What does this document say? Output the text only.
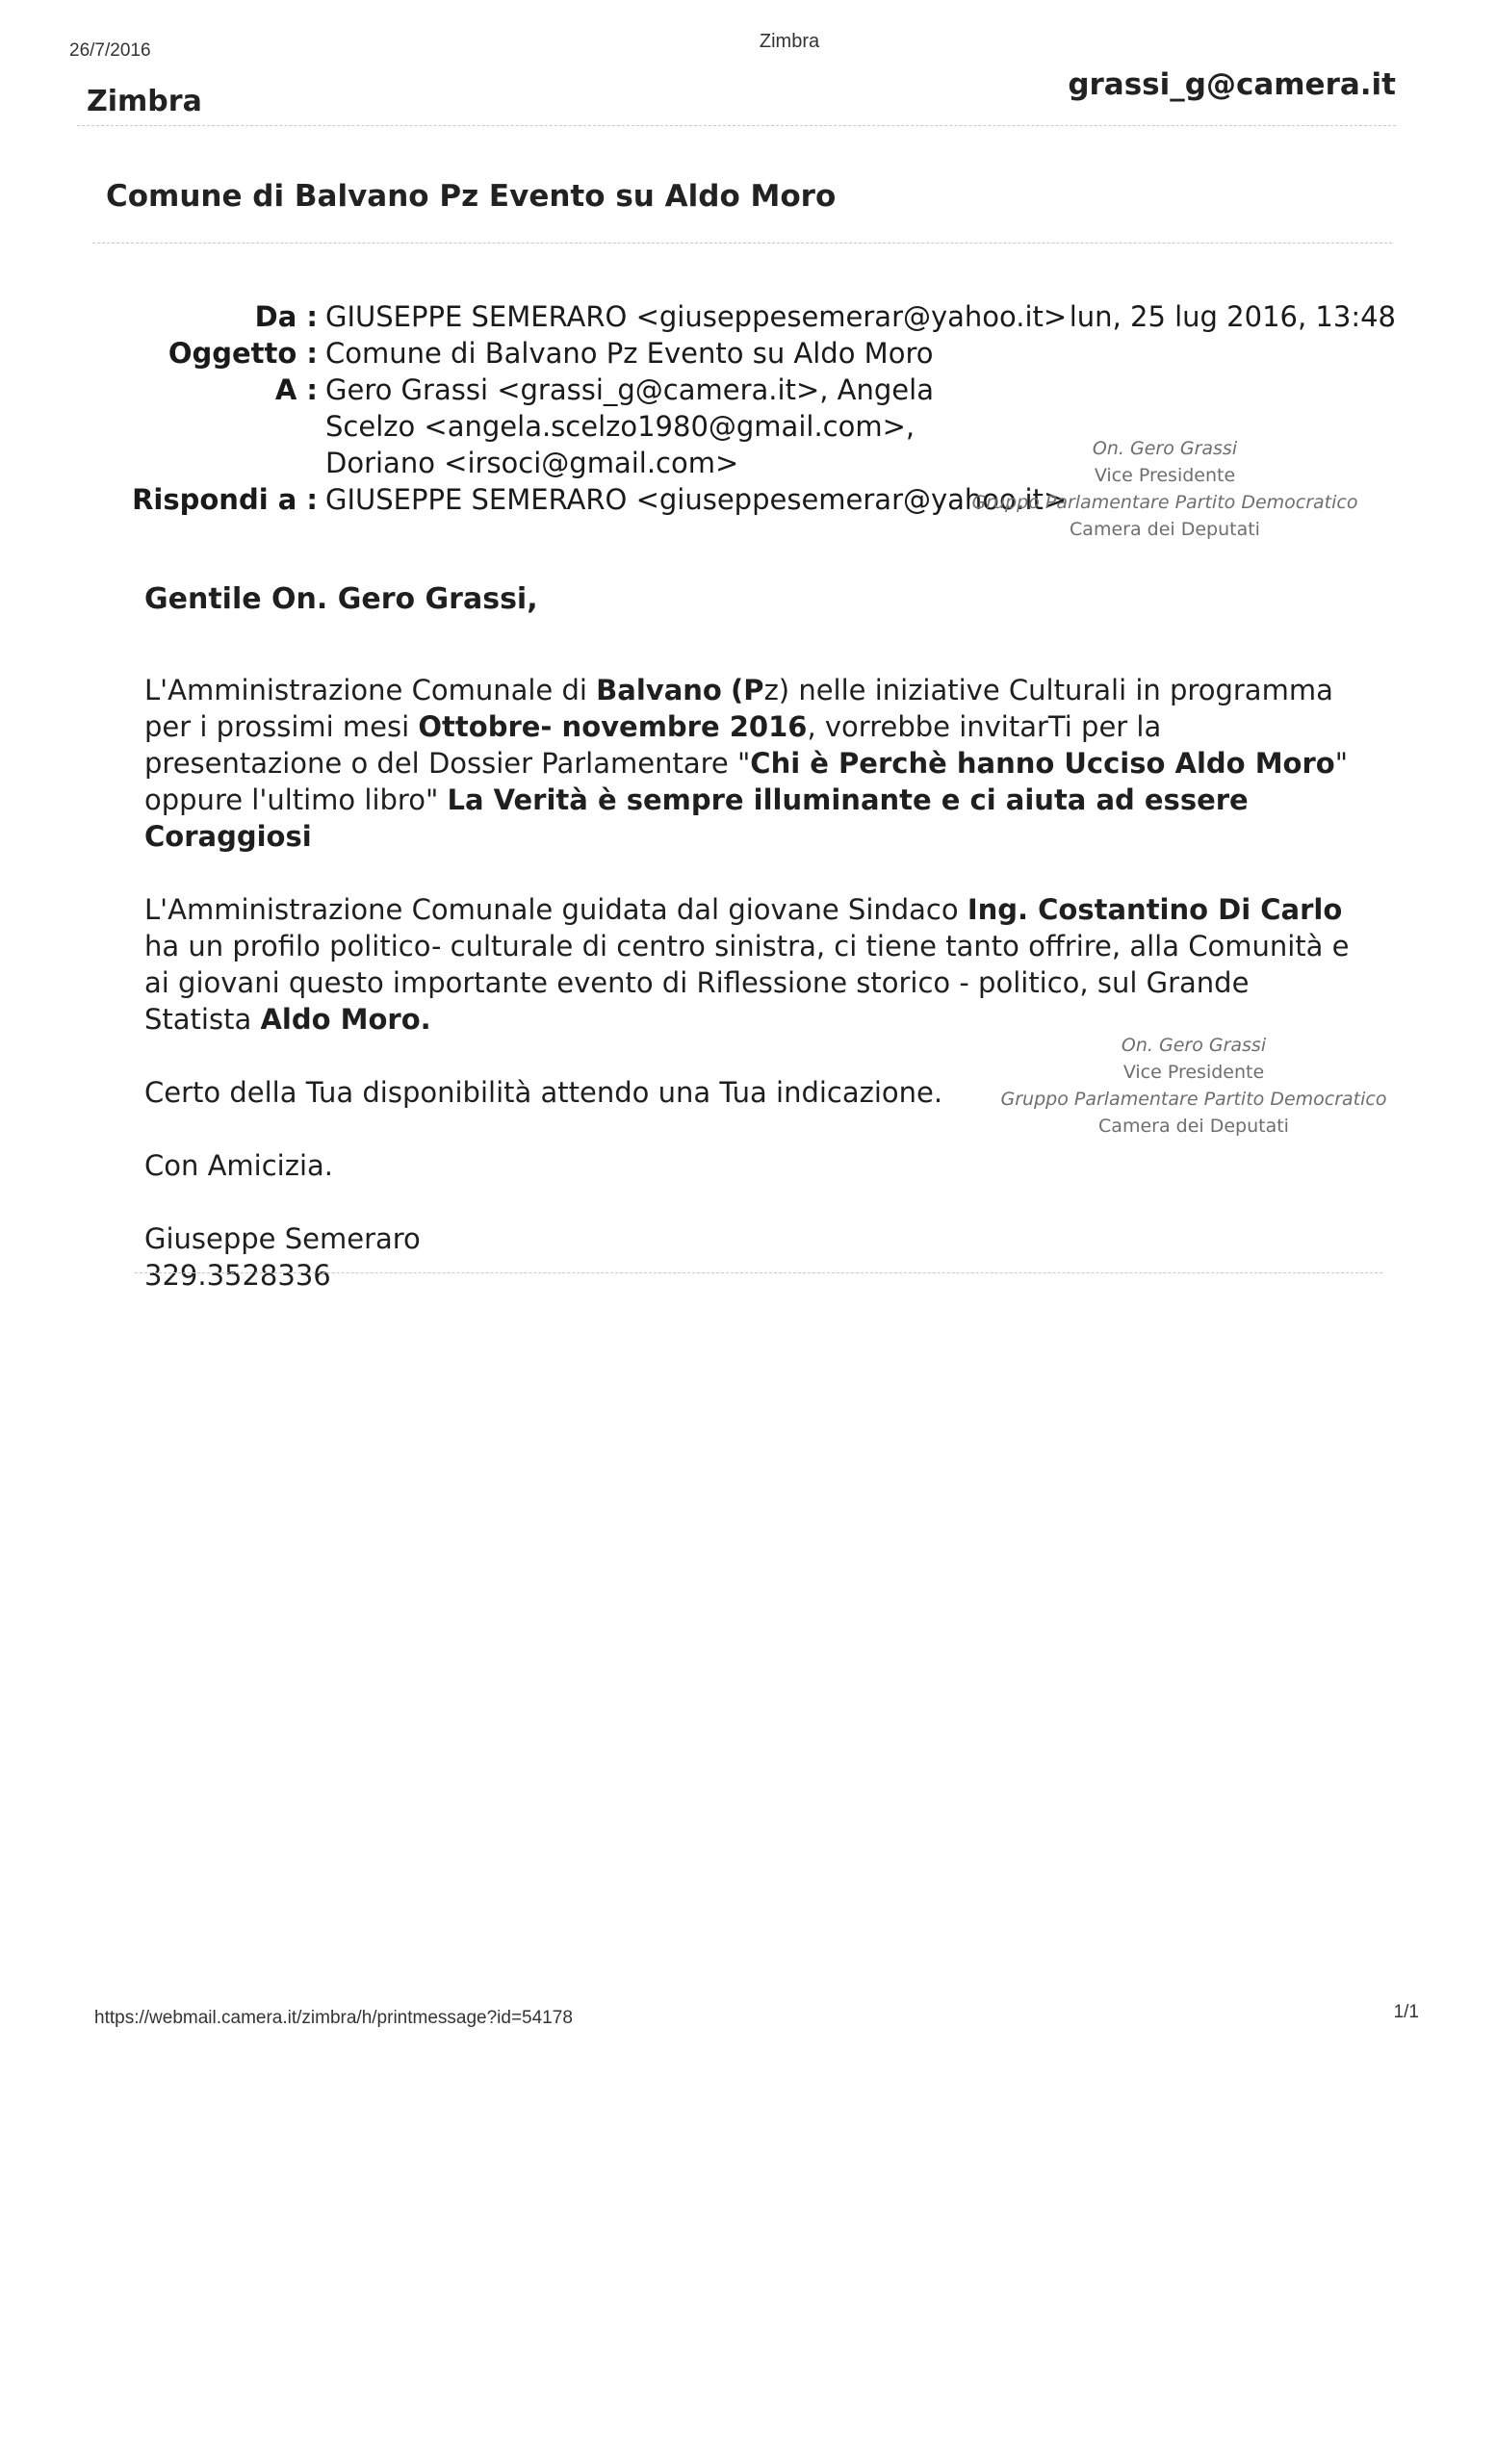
26/7/2016	Zimbra
Zimbra	grassi_g@camera.it
Comune di Balvano Pz Evento su Aldo Moro
lun, 25 lug 2016, 13:48
Da : GIUSEPPE SEMERARO <giuseppesemerar@yahoo.it>
Oggetto : Comune di Balvano Pz Evento su Aldo Moro
A : Gero Grassi <grassi_g@camera.it>, Angela Scelzo <angela.scelzo1980@gmail.com>, Doriano <irsoci@gmail.com>
Rispondi a : GIUSEPPE SEMERARO <giuseppesemerar@yahoo.it>
On. Gero Grassi
Vice Presidente
Gruppo Parlamentare Partito Democratico
Camera dei Deputati
Gentile On. Gero Grassi,

L'Amministrazione Comunale di Balvano (Pz) nelle iniziative Culturali in programma per i prossimi mesi Ottobre- novembre 2016, vorrebbe invitarTi per la presentazione o del Dossier Parlamentare "Chi è Perchè hanno Ucciso Aldo Moro" oppure l'ultimo libro" La Verità è sempre illuminante e ci aiuta ad essere Coraggiosi

L'Amministrazione Comunale guidata dal giovane Sindaco Ing. Costantino Di Carlo ha un profilo politico- culturale di centro sinistra, ci tiene tanto offrire, alla Comunità e ai giovani questo importante evento di Riflessione storico - politico, sul Grande Statista Aldo Moro.

Certo della Tua disponibilità attendo una Tua indicazione.

Con Amicizia.

Giuseppe Semeraro
329.3528336
On. Gero Grassi
Vice Presidente
Gruppo Parlamentare Partito Democratico
Camera dei Deputati
https://webmail.camera.it/zimbra/h/printmessage?id=54178	1/1
